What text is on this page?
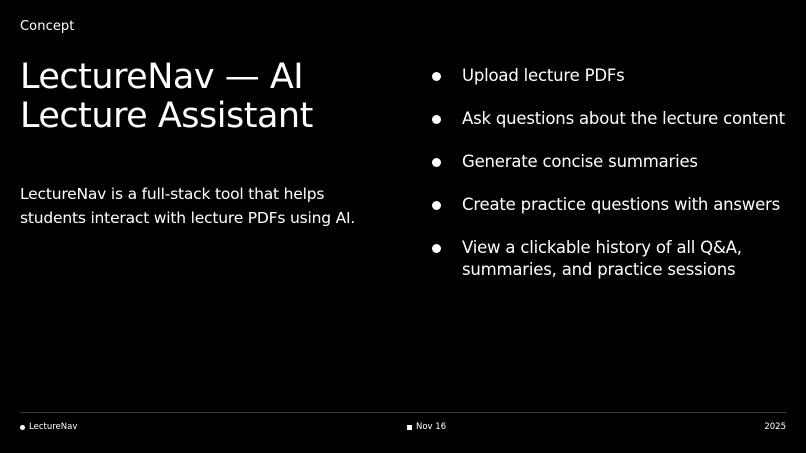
Concept
LectureNav — AI
Lecture Assistant

LectureNav is a full-stack tool that helps students interact with lecture PDFs using AI.

Upload lecture PDFs
Ask questions about the lecture content
Generate concise summaries
Create practice questions with answers
View a clickable history of all Q&A, summaries, and practice sessions
LectureNav	Nov 16	2025
